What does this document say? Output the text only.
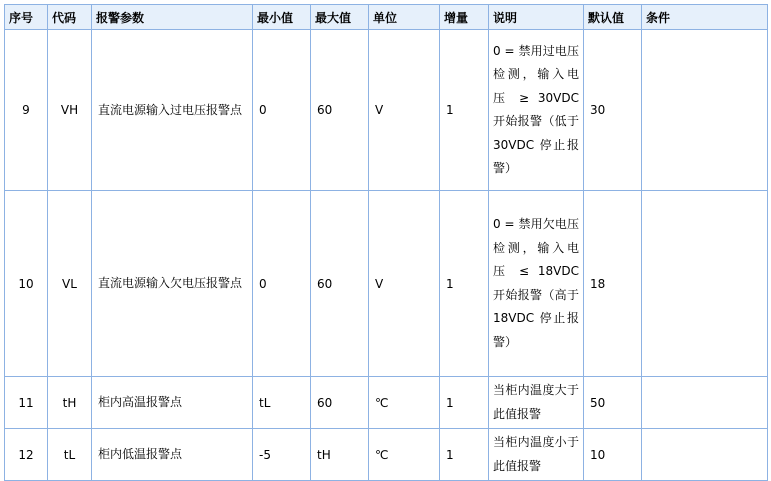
序号	代码	报警参数	最小值	最大值	单位	增量	说明	默认值	条件
9	VH	直流电源输入过电压报警点	0	60	V	1	0 = 禁用过电压检测，输入电 压 ≥ 30VDC 开始报警（低于30VDC 停止报警）	30	
10	VL	直流电源输入欠电压报警点	0	60	V	1	0 = 禁用欠电压检测，输入电 压 ≤ 18VDC 开始报警（高于18VDC 停止报警）	18	
11	tH	柜内高温报警点	tL	60	℃	1	当柜内温度大于此值报警	50	
12	tL	柜内低温报警点	-5	tH	℃	1	当柜内温度小于此值报警	10	
